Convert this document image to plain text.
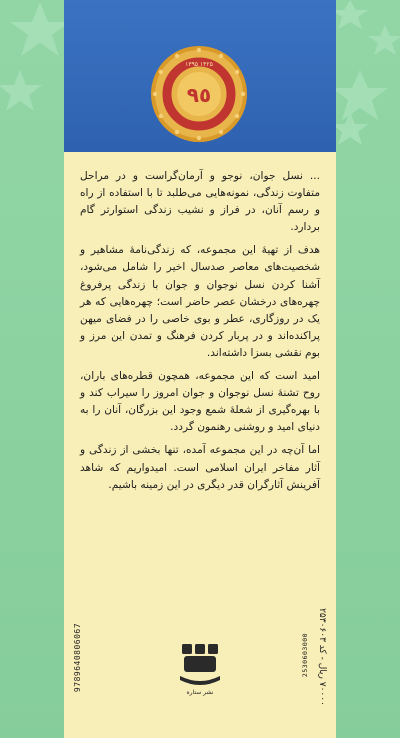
۱۳۹۵ ۱۴۲۵
٩٥

... نسل جوان، نوجو و آرمان‌گراست و در مراحل متفاوت زندگی، نمونه‌هایی می‌طلبد تا با استفاده از راه و رسم آنان، در فراز و نشیب زندگی استوارتر گام بردارد.

هدف از تهیهٔ این مجموعه، که زندگی‌نامهٔ مشاهیر و شخصیت‌های معاصر صدسال اخیر را شامل می‌شود، آشنا کردن نسل نوجوان و جوان با زندگی پرفروغ چهره‌های درخشان عصر حاضر است؛ چهره‌هایی که هر یک در روزگاری، عطر و بوی خاصی را در فضای میهن پراکنده‌اند و در پربار کردن فرهنگ و تمدن این مرز و بوم نقشی بسزا داشته‌اند.

امید است که این مجموعه، همچون قطره‌های باران، روح تشنهٔ نسل نوجوان و جوان امروز را سیراب کند و با بهره‌گیری از شعلهٔ شمع وجود این بزرگان، آنان را به دنیای امید و روشنی رهنمون گردد.

اما آن‌چه در این مجموعه آمده، تنها بخشی از زندگی و آثار مفاخر ایران اسلامی است. امیدواریم که شاهد آفرینش آثارگران قدر دیگری در این زمینه باشیم.

9789640806067	۷۰۰۰۰ ریال - کد ۲۵۳۰۶۰۳
2530603000
نشر ستاره
